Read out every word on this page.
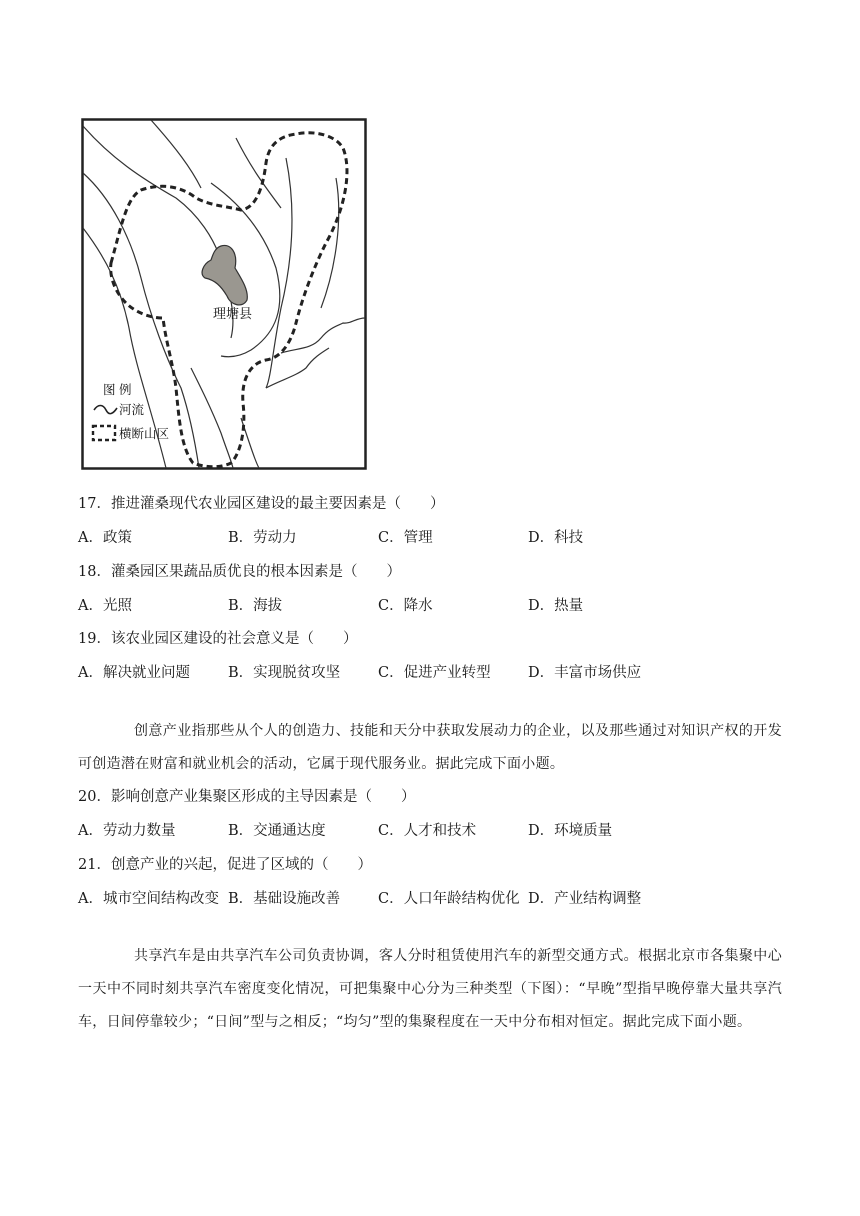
理塘县
图 例
河流
横断山区
17．推进灌桑现代农业园区建设的最主要因素是（　　）
A．政策	B．劳动力	C．管理	D．科技
18．灌桑园区果蔬品质优良的根本因素是（　　）
A．光照	B．海拔	C．降水	D．热量
19．该农业园区建设的社会意义是（　　）
A．解决就业问题	B．实现脱贫攻坚	C．促进产业转型	D．丰富市场供应

创意产业指那些从个人的创造力、技能和天分中获取发展动力的企业，以及那些通过对知识产权的开发可创造潜在财富和就业机会的活动，它属于现代服务业。据此完成下面小题。

20．影响创意产业集聚区形成的主导因素是（　　）
A．劳动力数量	B．交通通达度	C．人才和技术	D．环境质量
21．创意产业的兴起，促进了区域的（　　）
A．城市空间结构改变 B．基础设施改善	C．人口年龄结构优化 D．产业结构调整

共享汽车是由共享汽车公司负责协调，客人分时租赁使用汽车的新型交通方式。根据北京市各集聚中心一天中不同时刻共享汽车密度变化情况，可把集聚中心分为三种类型（下图）：“早晚”型指早晚停靠大量共享汽车，日间停靠较少；“日间”型与之相反；“均匀”型的集聚程度在一天中分布相对恒定。据此完成下面小题。
